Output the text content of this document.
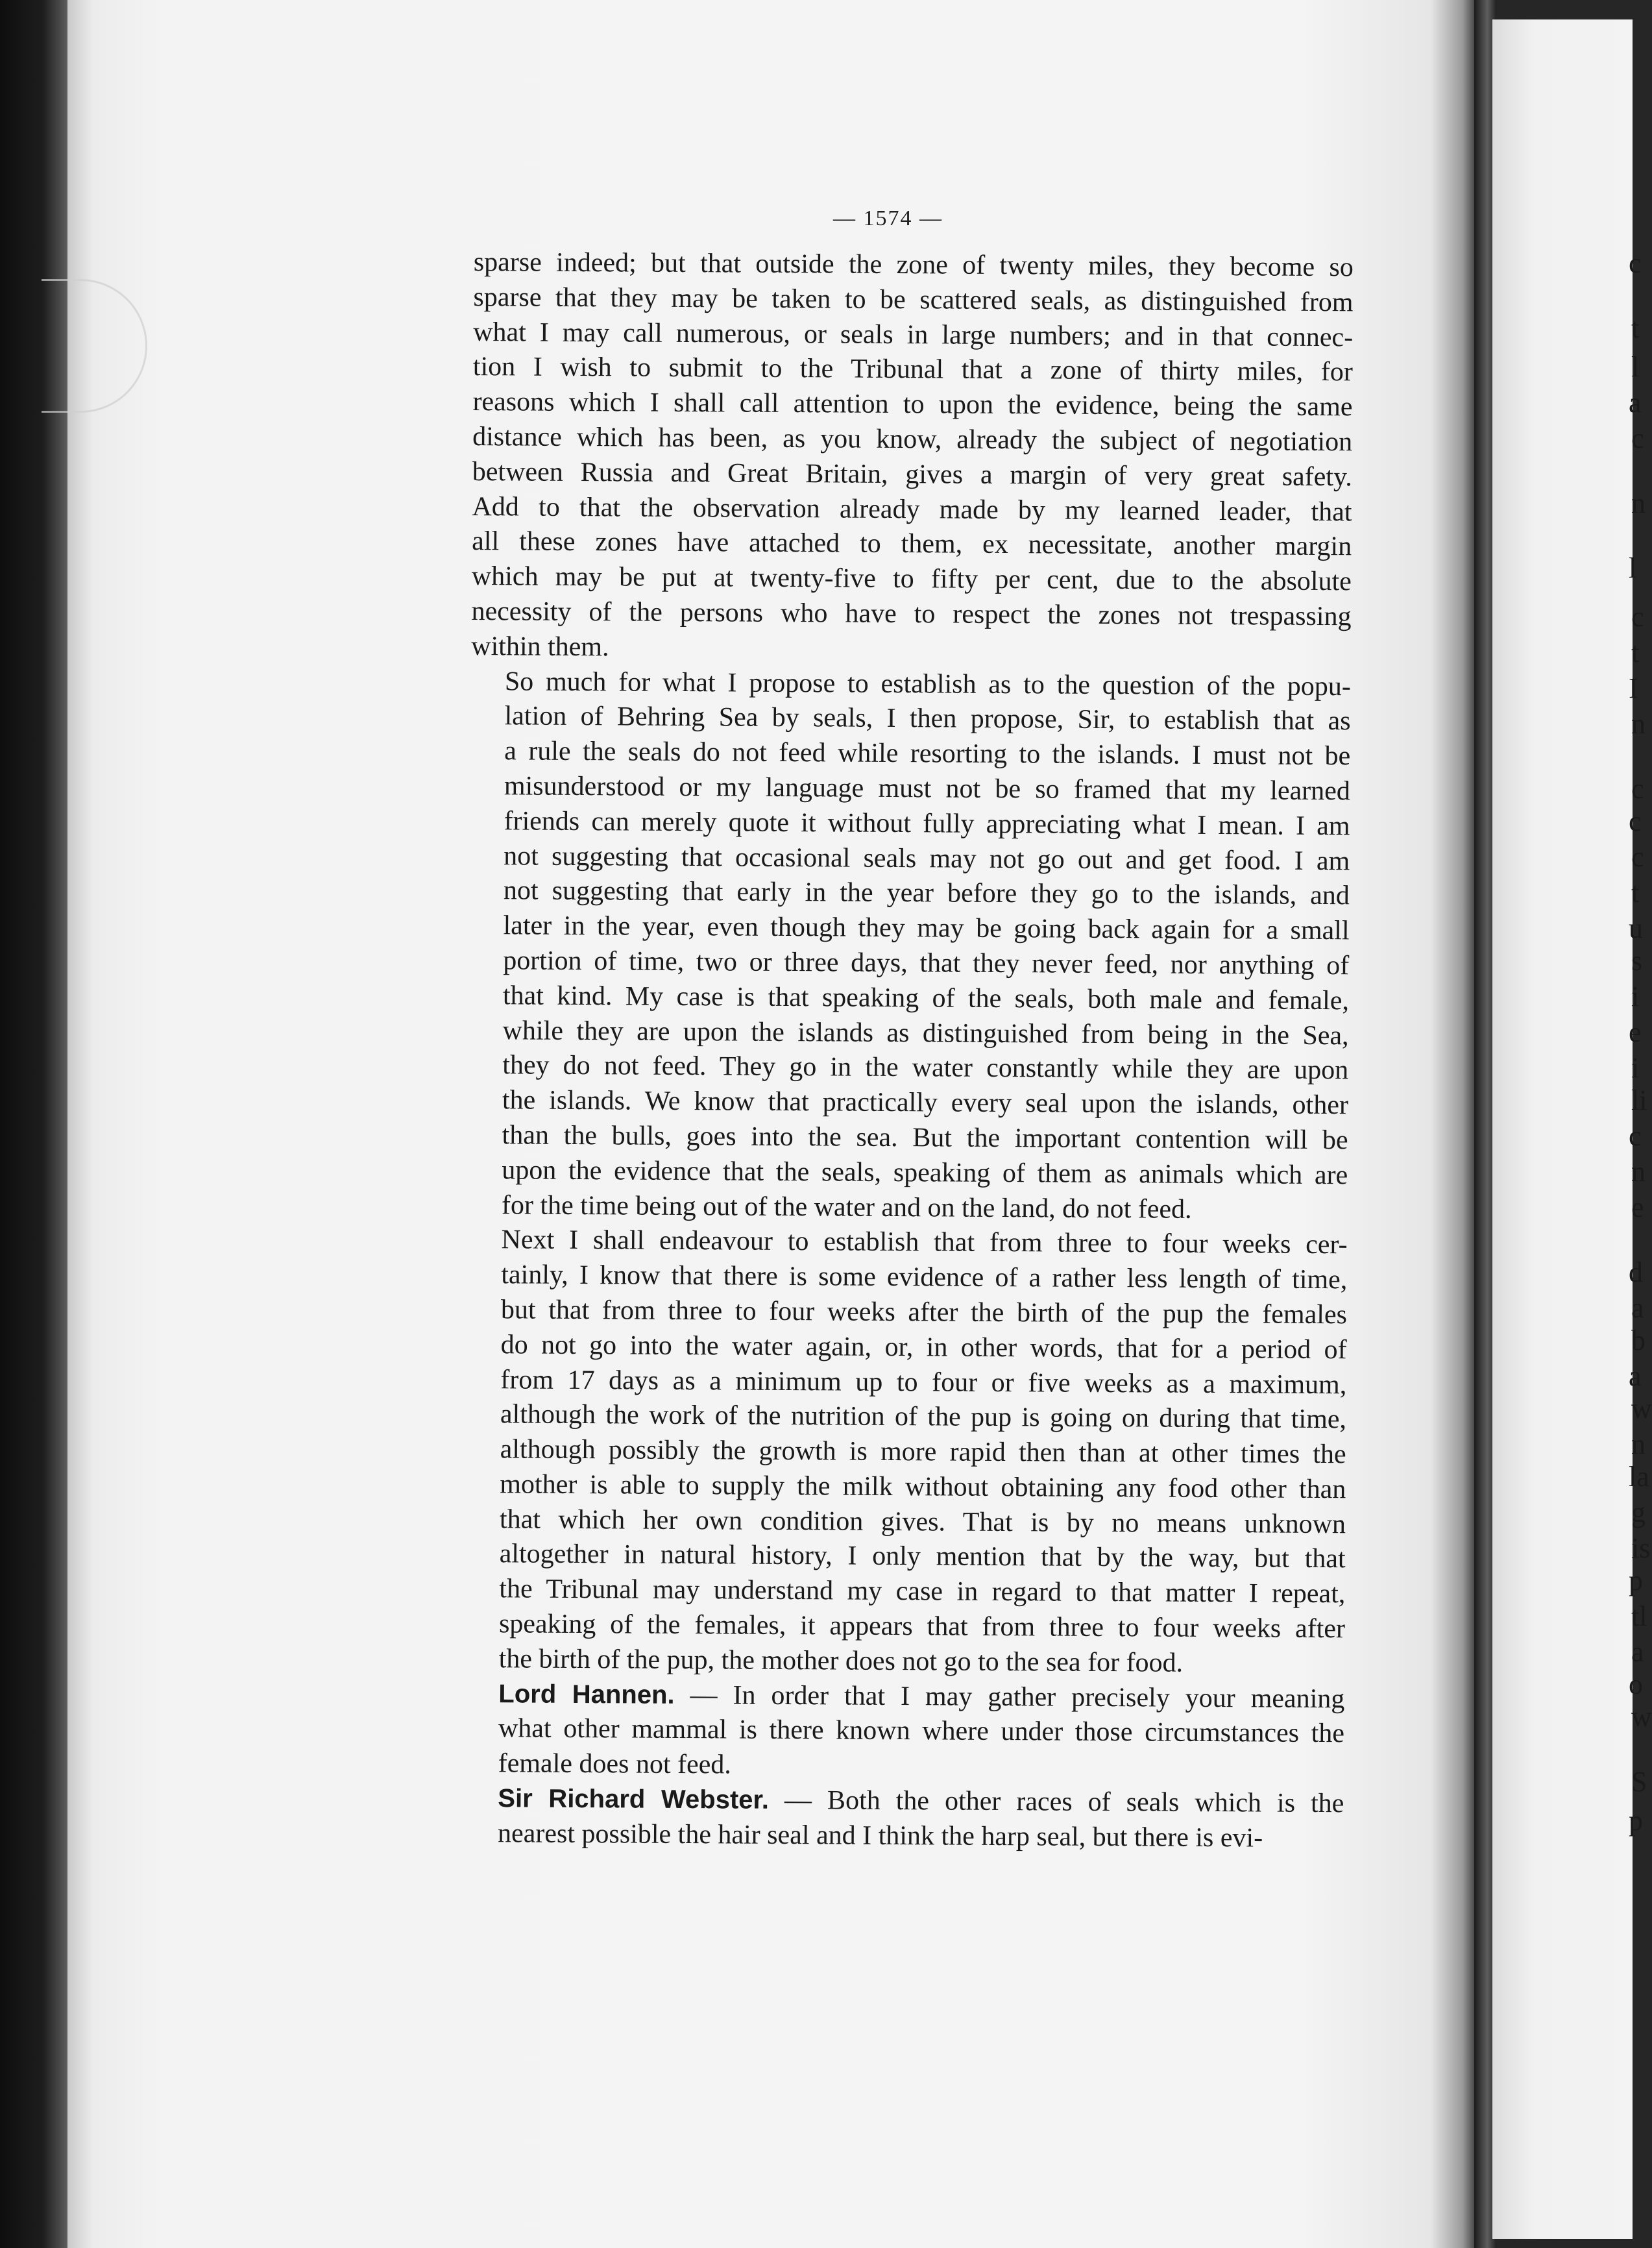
— 1574 —

sparse indeed; but that outside the zone of twenty miles, they become so
sparse that they may be taken to be scattered seals, as distinguished from
what I may call numerous, or seals in large numbers; and in that connec-
tion I wish to submit to the Tribunal that a zone of thirty miles, for
reasons which I shall call attention to upon the evidence, being the same
distance which has been, as you know, already the subject of negotiation
between Russia and Great Britain, gives a margin of very great safety.
Add to that the observation already made by my learned leader, that
all these zones have attached to them, ex necessitate, another margin
which may be put at twenty-five to fifty per cent, due to the absolute
necessity of the persons who have to respect the zones not trespassing
within them.

So much for what I propose to establish as to the question of the popu-
lation of Behring Sea by seals, I then propose, Sir, to establish that as
a rule the seals do not feed while resorting to the islands. I must not be
misunderstood or my language must not be so framed that my learned
friends can merely quote it without fully appreciating what I mean. I am
not suggesting that occasional seals may not go out and get food. I am
not suggesting that early in the year before they go to the islands, and
later in the year, even though they may be going back again for a small
portion of time, two or three days, that they never feed, nor anything of
that kind. My case is that speaking of the seals, both male and female,
while they are upon the islands as distinguished from being in the Sea,
they do not feed. They go in the water constantly while they are upon
the islands. We know that practically every seal upon the islands, other
than the bulls, goes into the sea. But the important contention will be
upon the evidence that the seals, speaking of them as animals which are
for the time being out of the water and on the land, do not feed.

Next I shall endeavour to establish that from three to four weeks cer-
tainly, I know that there is some evidence of a rather less length of time,
but that from three to four weeks after the birth of the pup the females
do not go into the water again, or, in other words, that for a period of
from 17 days as a minimum up to four or five weeks as a maximum,
although the work of the nutrition of the pup is going on during that time,
although possibly the growth is more rapid then than at other times the
mother is able to supply the milk without obtaining any food other than
that which her own condition gives. That is by no means unknown
altogether in natural history, I only mention that by the way, but that
the Tribunal may understand my case in regard to that matter I repeat,
speaking of the females, it appears that from three to four weeks after
the birth of the pup, the mother does not go to the sea for food.

Lord Hannen. — In order that I may gather precisely your meaning
what other mammal is there known where under those circumstances the
female does not feed.

Sir Richard Webster. — Both the other races of seals which is the
nearest possible the hair seal and I think the harp seal, but there is evi-

c
t
l
a
c
n
l
c
t
I
n
c
c
c
t
u
s
i
e
i
li
c
n
e
d
a
b
a
w
n
la
g
is
p
tl
a
o
w
S
p
